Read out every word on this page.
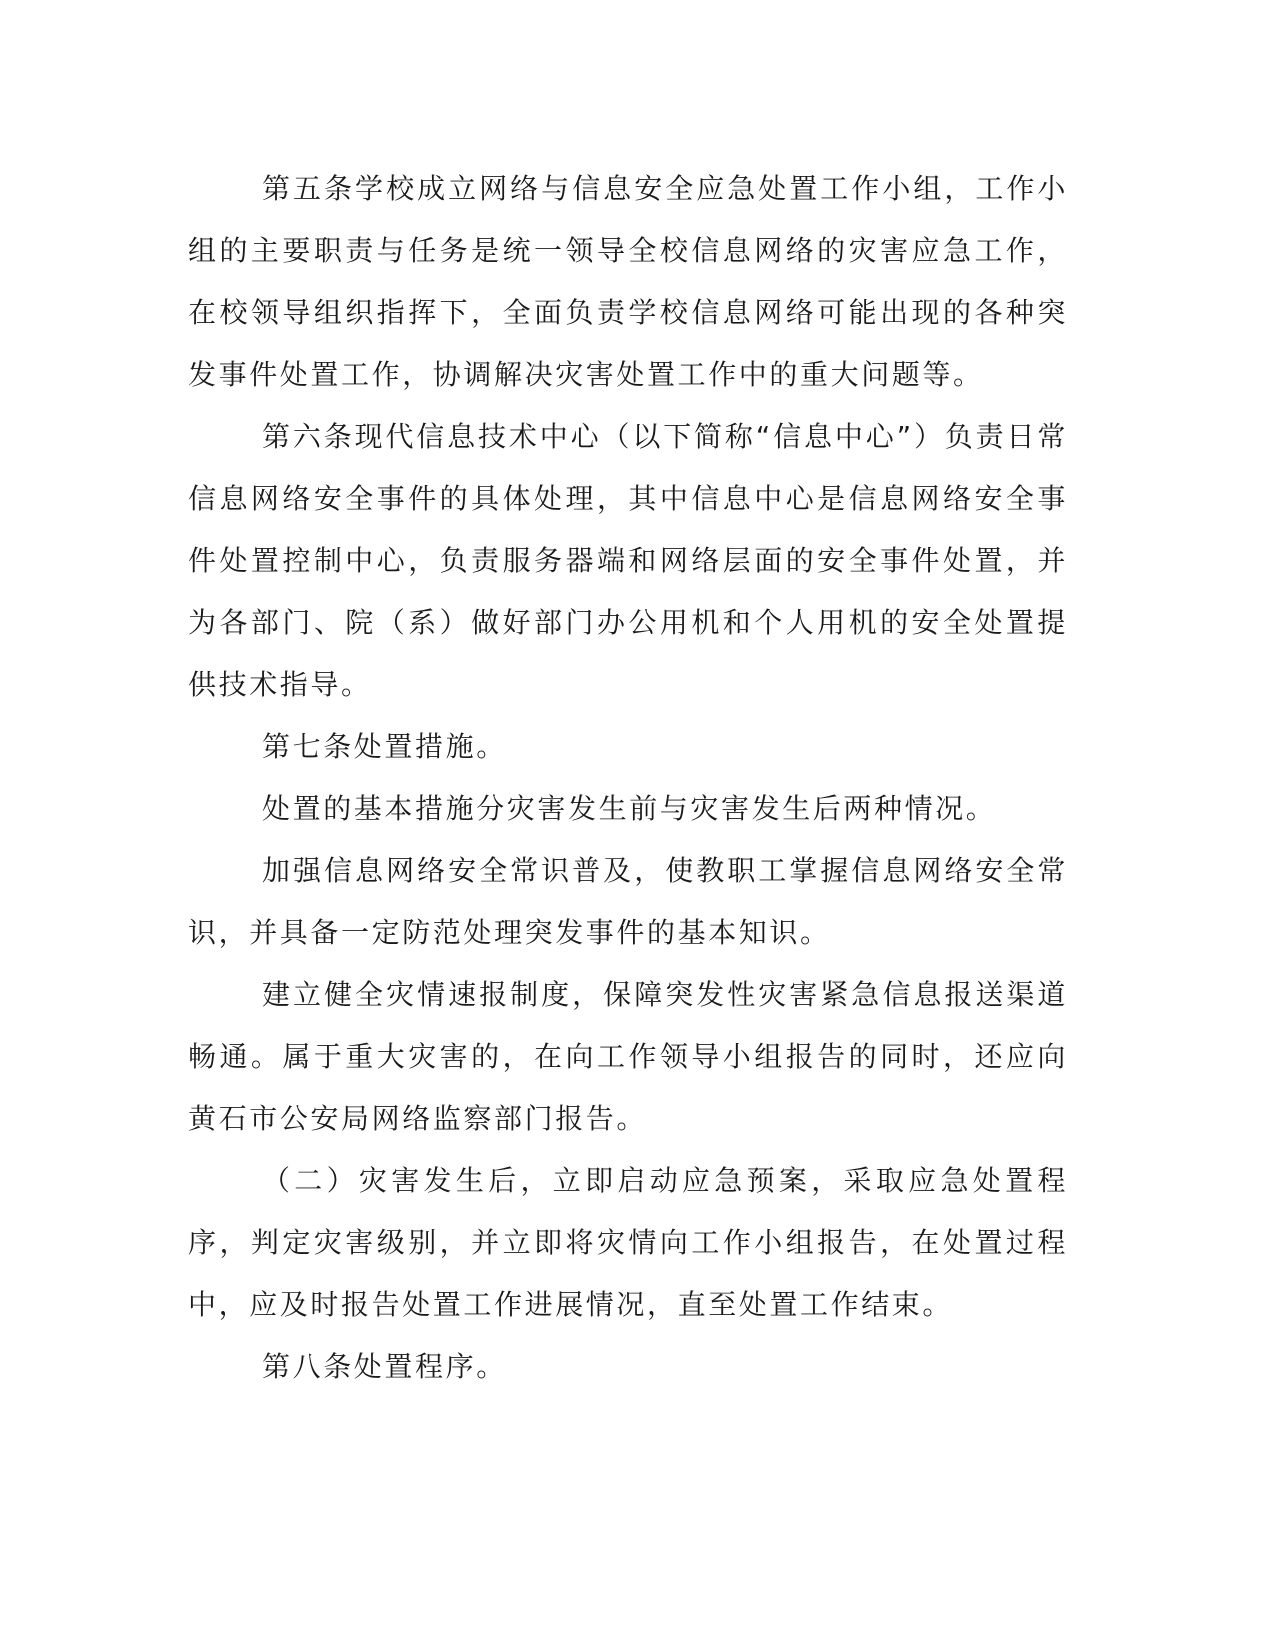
第五条学校成立网络与信息安全应急处置工作小组，工作小组的主要职责与任务是统一领导全校信息网络的灾害应急工作，在校领导组织指挥下，全面负责学校信息网络可能出现的各种突发事件处置工作，协调解决灾害处置工作中的重大问题等。

第六条现代信息技术中心（以下简称“信息中心”）负责日常信息网络安全事件的具体处理，其中信息中心是信息网络安全事件处置控制中心，负责服务器端和网络层面的安全事件处置，并为各部门、院（系）做好部门办公用机和个人用机的安全处置提供技术指导。

第七条处置措施。

处置的基本措施分灾害发生前与灾害发生后两种情况。

加强信息网络安全常识普及，使教职工掌握信息网络安全常识，并具备一定防范处理突发事件的基本知识。

建立健全灾情速报制度，保障突发性灾害紧急信息报送渠道畅通。属于重大灾害的，在向工作领导小组报告的同时，还应向黄石市公安局网络监察部门报告。

（二）灾害发生后，立即启动应急预案，采取应急处置程序，判定灾害级别，并立即将灾情向工作小组报告，在处置过程中，应及时报告处置工作进展情况，直至处置工作结束。

第八条处置程序。
